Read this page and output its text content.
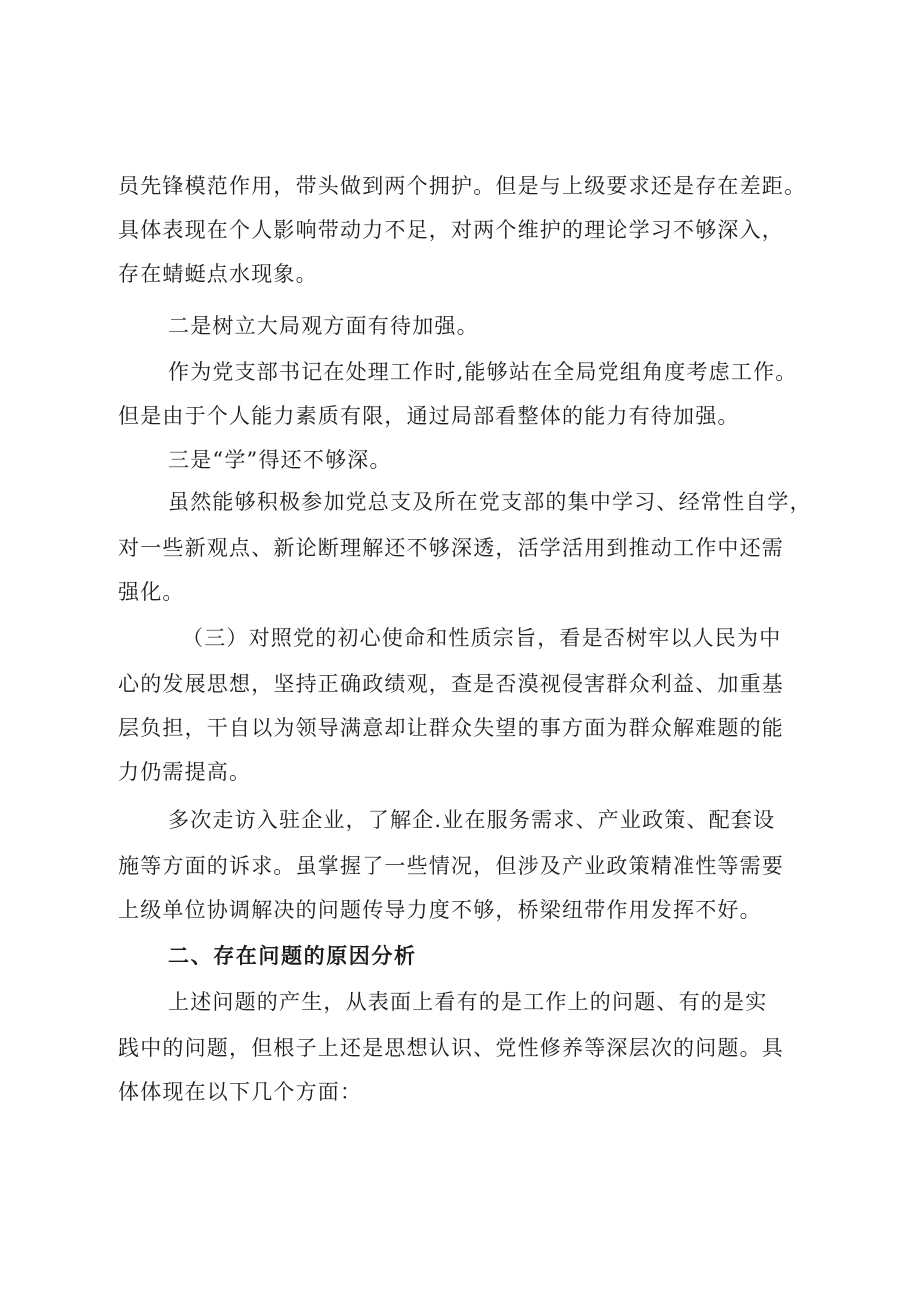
员先锋模范作用，带头做到两个拥护。但是与上级要求还是存在差距。
具体表现在个人影响带动力不足，对两个维护的理论学习不够深入，
存在蜻蜓点水现象。
二是树立大局观方面有待加强。
作为党支部书记在处理工作时,能够站在全局党组角度考虑工作。
但是由于个人能力素质有限，通过局部看整体的能力有待加强。
三是“学”得还不够深。
虽然能够积极参加党总支及所在党支部的集中学习、经常性自学，
对一些新观点、新论断理解还不够深透，活学活用到推动工作中还需
强化。
（三）对照党的初心使命和性质宗旨，看是否树牢以人民为中
心的发展思想，坚持正确政绩观，查是否漠视侵害群众利益、加重基
层负担，干自以为领导满意却让群众失望的事方面为群众解难题的能
力仍需提高。
多次走访入驻企业，了解企.业在服务需求、产业政策、配套设
施等方面的诉求。虽掌握了一些情况，但涉及产业政策精准性等需要
上级单位协调解决的问题传导力度不够，桥梁纽带作用发挥不好。
二、存在问题的原因分析
上述问题的产生，从表面上看有的是工作上的问题、有的是实
践中的问题，但根子上还是思想认识、党性修养等深层次的问题。具
体体现在以下几个方面：
